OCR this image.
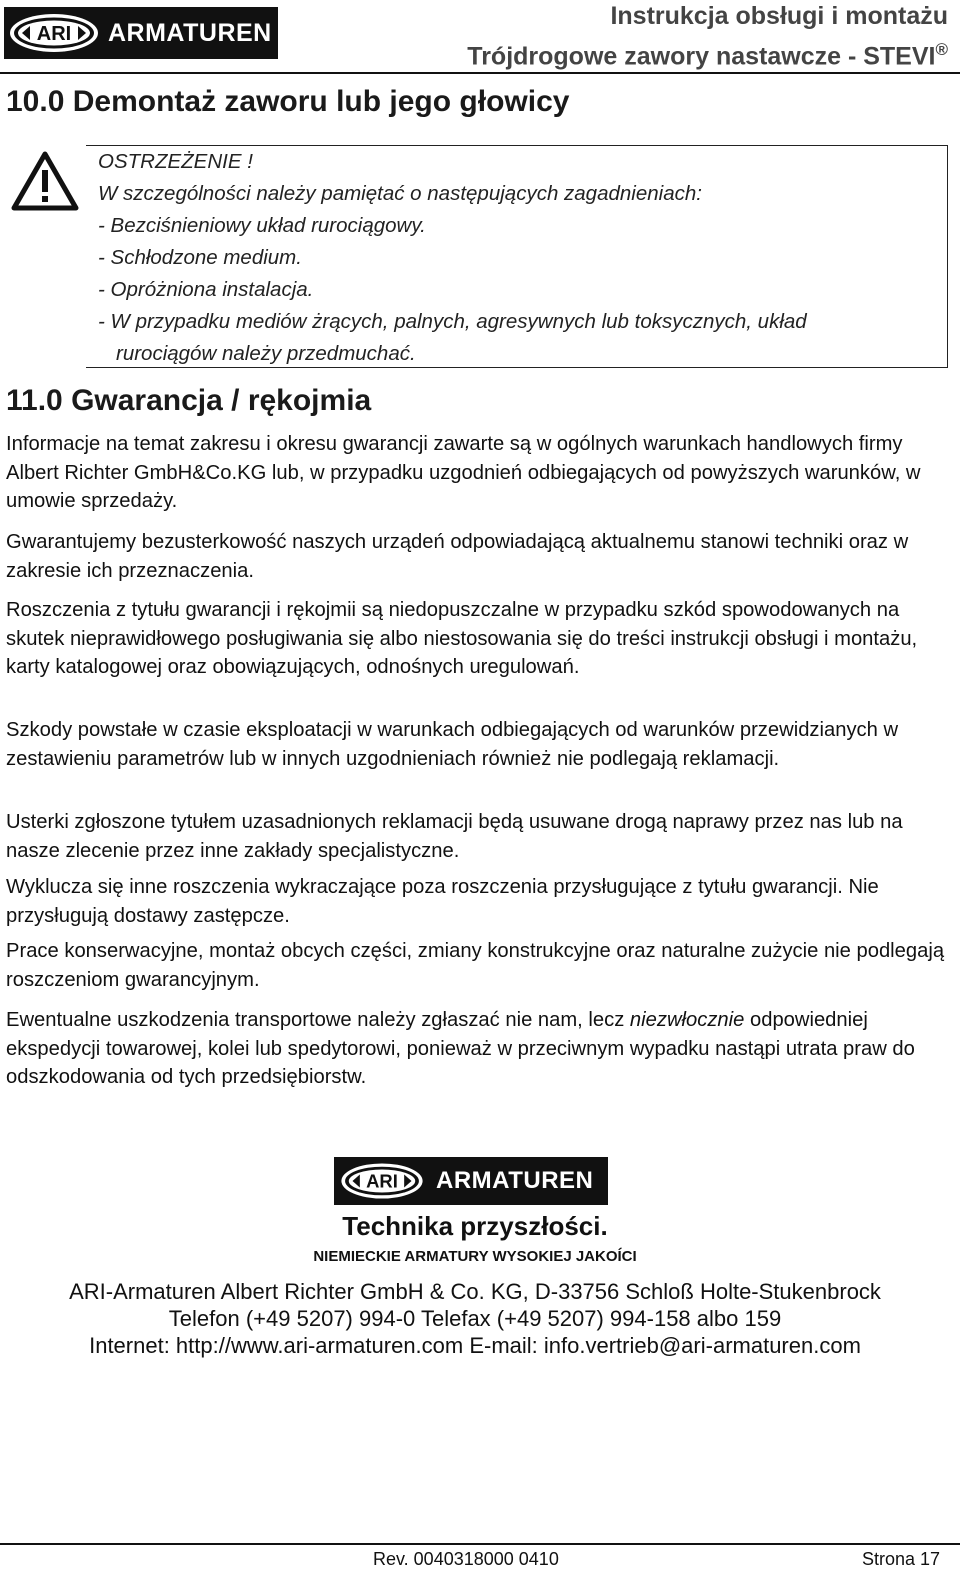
ARI ARMATUREN
Instrukcja obsługi i montażu
Trójdrogowe zawory nastawcze - STEVI®
10.0 Demontaż zaworu lub jego głowicy
OSTRZEŻENIE !
W szczególności należy pamiętać o następujących zagadnieniach:
- Bezciśnieniowy układ rurociągowy.
- Schłodzone medium.
- Opróżniona instalacja.
- W przypadku mediów żrących, palnych, agresywnych lub toksycznych, układ
rurociągów należy przedmuchać.
11.0 Gwarancja / rękojmia

Informacje na temat zakresu i okresu gwarancji zawarte są w ogólnych warunkach handlowych firmy Albert Richter GmbH&Co.KG lub, w przypadku uzgodnień odbiegających od powyższych warunków, w umowie sprzedaży.

Gwarantujemy bezusterkowość naszych urządeń odpowiadającą aktualnemu stanowi techniki oraz w zakresie ich przeznaczenia.

Roszczenia z tytułu gwarancji i rękojmii są niedopuszczalne w przypadku szkód spowodowanych na skutek nieprawidłowego posługiwania się albo niestosowania się do treści instrukcji obsługi i montażu, karty katalogowej oraz obowiązujących, odnośnych uregulowań.

Szkody powstałe w czasie eksploatacji w warunkach odbiegających od warunków przewidzianych w zestawieniu parametrów lub w innych uzgodnieniach również nie podlegają reklamacji.

Usterki zgłoszone tytułem uzasadnionych reklamacji będą usuwane drogą naprawy przez nas lub na nasze zlecenie przez inne zakłady specjalistyczne.

Wyklucza się inne roszczenia wykraczające poza roszczenia przysługujące z tytułu gwarancji. Nie przysługują dostawy zastępcze.

Prace konserwacyjne, montaż obcych części, zmiany konstrukcyjne oraz naturalne zużycie nie podlegają roszczeniom gwarancyjnym.

Ewentualne uszkodzenia transportowe należy zgłaszać nie nam, lecz niezwłocznie odpowiedniej ekspedycji towarowej, kolei lub spedytorowi, ponieważ w przeciwnym wypadku nastąpi utrata praw do odszkodowania od tych przedsiębiorstw.

ARI ARMATUREN
Technika przyszłości.
NIEMIECKIE ARMATURY WYSOKIEJ JAKOÍCI
ARI-Armaturen Albert Richter GmbH & Co. KG, D-33756 Schloß Holte-Stukenbrock
Telefon (+49 5207) 994-0 Telefax (+49 5207) 994-158 albo 159
Internet: http://www.ari-armaturen.com E-mail: info.vertrieb@ari-armaturen.com
Rev. 0040318000 0410	Strona 17
